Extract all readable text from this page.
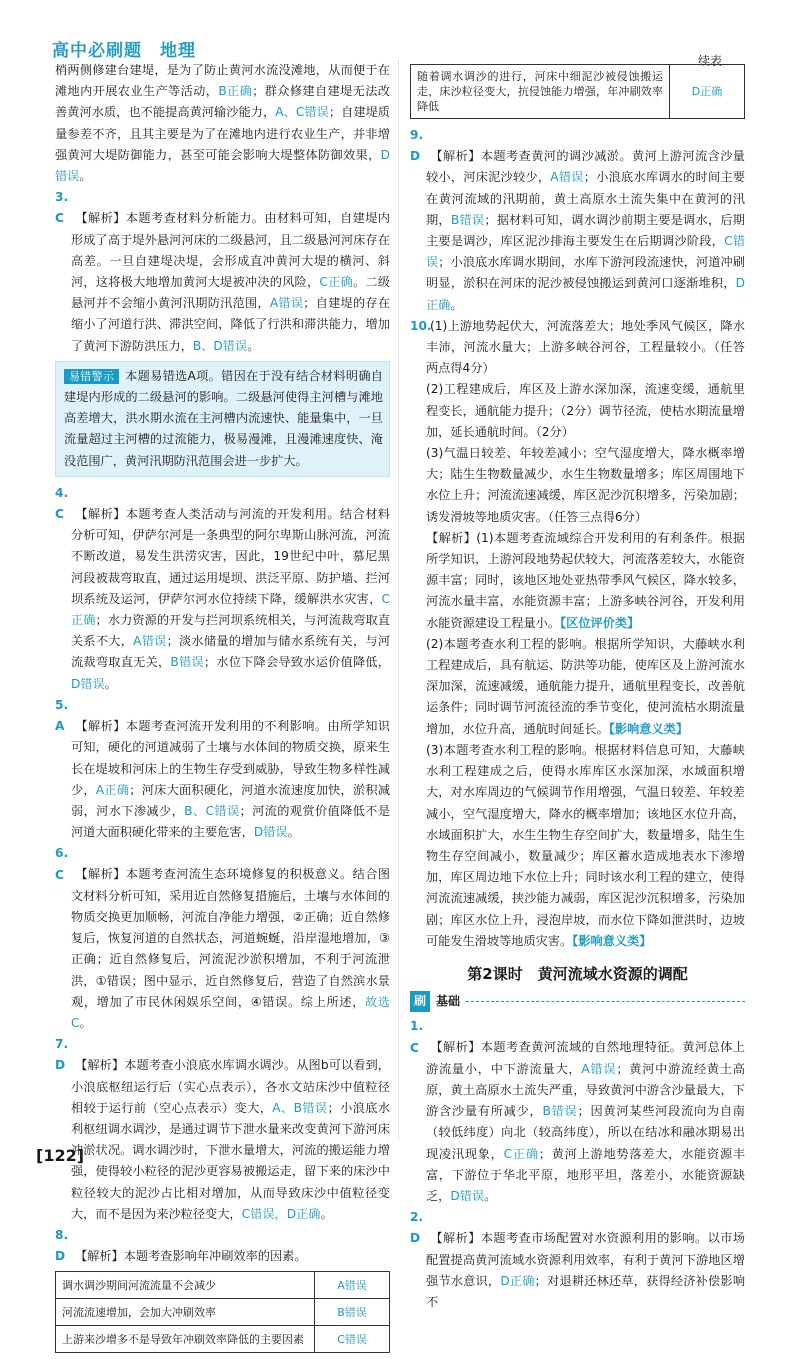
高中必刷题　地理	续表

梢两侧修建台建堤，是为了防止黄河水流没滩地，从而便于在滩地内开展农业生产等活动，B正确；群众修建自建堤无法改善黄河水质，也不能提高黄河输沙能力，A、C错误；自建堤质量参差不齐，且其主要是为了在滩地内进行农业生产，并非增强黄河大堤防御能力，甚至可能会影响大堤整体防御效果，D错误。

3. C 【解析】本题考查材料分析能力。由材料可知，自建堤内形成了高于堤外悬河河床的二级悬河，且二级悬河河床存在高差。一旦自建堤决堤，会形成直冲黄河大堤的横河、斜河，这将极大地增加黄河大堤被冲决的风险，C正确。二级悬河并不会缩小黄河汛期防汛范围，A错误；自建堤的存在缩小了河道行洪、滞洪空间，降低了行洪和滞洪能力，增加了黄河下游防洪压力，B、D错误。

易错警示 本题易错选A项。错因在于没有结合材料明确自建堤内形成的二级悬河的影响。二级悬河使得主河槽与滩地高差增大，洪水期水流在主河槽内流速快、能量集中，一旦流量超过主河槽的过流能力，极易漫滩，且漫滩速度快、淹没范围广，黄河汛期防汛范围会进一步扩大。

4. C 【解析】本题考查人类活动与河流的开发利用。结合材料分析可知，伊萨尔河是一条典型的阿尔卑斯山脉河流，河流不断改道，易发生洪涝灾害，因此，19世纪中叶，慕尼黑河段被裁弯取直，通过运用堤坝、洪泛平原、防护墙、拦河坝系统及运河，伊萨尔河水位持续下降，缓解洪水灾害，C正确；水力资源的开发与拦河坝系统相关，与河流裁弯取直关系不大，A错误；淡水储量的增加与储水系统有关，与河流裁弯取直无关，B错误；水位下降会导致水运价值降低，D错误。

5. A 【解析】本题考查河流开发利用的不利影响。由所学知识可知，硬化的河道减弱了土壤与水体间的物质交换，原来生长在堤坡和河床上的生物生存受到威胁，导致生物多样性减少，A正确；河床大面积硬化，河道水流速度加快，淤积减弱，河水下渗减少，B、C错误；河流的观赏价值降低不是河道大面积硬化带来的主要危害，D错误。

6. C 【解析】本题考查河流生态环境修复的积极意义。结合图文材料分析可知，采用近自然修复措施后，土壤与水体间的物质交换更加顺畅，河流自净能力增强，②正确；近自然修复后，恢复河道的自然状态，河道蜿蜒，沿岸湿地增加，③正确；近自然修复后，河流泥沙淤积增加，不利于河流泄洪，①错误；图中显示，近自然修复后，营造了自然滨水景观，增加了市民休闲娱乐空间，④错误。综上所述，故选C。

7. D 【解析】本题考查小浪底水库调水调沙。从图b可以看到，小浪底枢纽运行后（实心点表示），各水文站床沙中值粒径相较于运行前（空心点表示）变大，A、B错误；小浪底水利枢纽调水调沙，是通过调节下泄水量来改变黄河下游河床冲淤状况。调水调沙时，下泄水量增大，河流的搬运能力增强，使得较小粒径的泥沙更容易被搬运走，留下来的床沙中粒径较大的泥沙占比相对增加，从而导致床沙中值粒径变大，而不是因为来沙粒径变大，C错误，D正确。

8. D 【解析】本题考查影响年冲刷效率的因素。

调水调沙期间河流流量不会减少	A错误
河流流速增加，会加大冲刷效率	B错误
上游来沙增多不是导致年冲刷效率降低的主要因素	C错误
随着调水调沙的进行，河床中细泥沙被侵蚀搬运走，床沙粒径变大，抗侵蚀能力增强，年冲刷效率降低	D正确

9. D 【解析】本题考查黄河的调沙减淤。黄河上游河流含沙量较小，河床泥沙较少，A错误；小浪底水库调水的时间主要在黄河流域的汛期前，黄土高原水土流失集中在黄河的汛期，B错误；据材料可知，调水调沙前期主要是调水，后期主要是调沙，库区泥沙排海主要发生在后期调沙阶段，C错误；小浪底水库调水期间，水库下游河段流速快，河道冲刷明显，淤积在河床的泥沙被侵蚀搬运到黄河口逐渐堆积，D正确。

10.(1)上游地势起伏大，河流落差大；地处季风气候区，降水丰沛，河流水量大；上游多峡谷河谷，工程量较小。（任答两点得4分）

(2)工程建成后，库区及上游水深加深，流速变缓，通航里程变长，通航能力提升；（2分）调节径流，使枯水期流量增加，延长通航时间。（2分）

(3)气温日较差、年较差减小；空气湿度增大，降水概率增大；陆生生物数量减少，水生生物数量增多；库区周围地下水位上升；河流流速减缓，库区泥沙沉积增多，污染加剧；诱发滑坡等地质灾害。（任答三点得6分）

【解析】(1)本题考查流域综合开发利用的有利条件。根据所学知识，上游河段地势起伏较大，河流落差较大，水能资源丰富；同时，该地区地处亚热带季风气候区，降水较多，河流水量丰富，水能资源丰富；上游多峡谷河谷，开发利用水能资源建设工程量小。【区位评价类】

(2)本题考查水利工程的影响。根据所学知识，大藤峡水利工程建成后，具有航运、防洪等功能，使库区及上游河流水深加深，流速减缓，通航能力提升，通航里程变长，改善航运条件；同时调节河流径流的季节变化，使河流枯水期流量增加，水位升高，通航时间延长。【影响意义类】

(3)本题考查水利工程的影响。根据材料信息可知，大藤峡水利工程建成之后，使得水库库区水深加深，水域面积增大，对水库周边的气候调节作用增强，气温日较差、年较差减小，空气湿度增大，降水的概率增加；该地区水位升高，水域面积扩大，水生生物生存空间扩大，数量增多，陆生生物生存空间减小，数量减少；库区蓄水造成地表水下渗增加，库区周边地下水位上升；同时该水利工程的建立，使得河流流速减缓，挟沙能力减弱，库区泥沙沉积增多，污染加剧；库区水位上升，浸泡岸坡，而水位下降如泄洪时，边坡可能发生滑坡等地质灾害。【影响意义类】

第2课时　黄河流域水资源的调配
刷 基础

1. C 【解析】本题考查黄河流域的自然地理特征。黄河总体上游流量小，中下游流量大，A错误；黄河中游流经黄土高原，黄土高原水土流失严重，导致黄河中游含沙量最大，下游含沙量有所减少，B错误；因黄河某些河段流向为自南（较低纬度）向北（较高纬度），所以在结冰和融冰期易出现凌汛现象，C正确；黄河上游地势落差大，水能资源丰富，下游位于华北平原，地形平坦，落差小，水能资源缺乏，D错误。

2. D 【解析】本题考查市场配置对水资源利用的影响。以市场配置提高黄河流域水资源利用效率，有利于黄河下游地区增强节水意识，D正确；对退耕还林还草，获得经济补偿影响不

[122]
